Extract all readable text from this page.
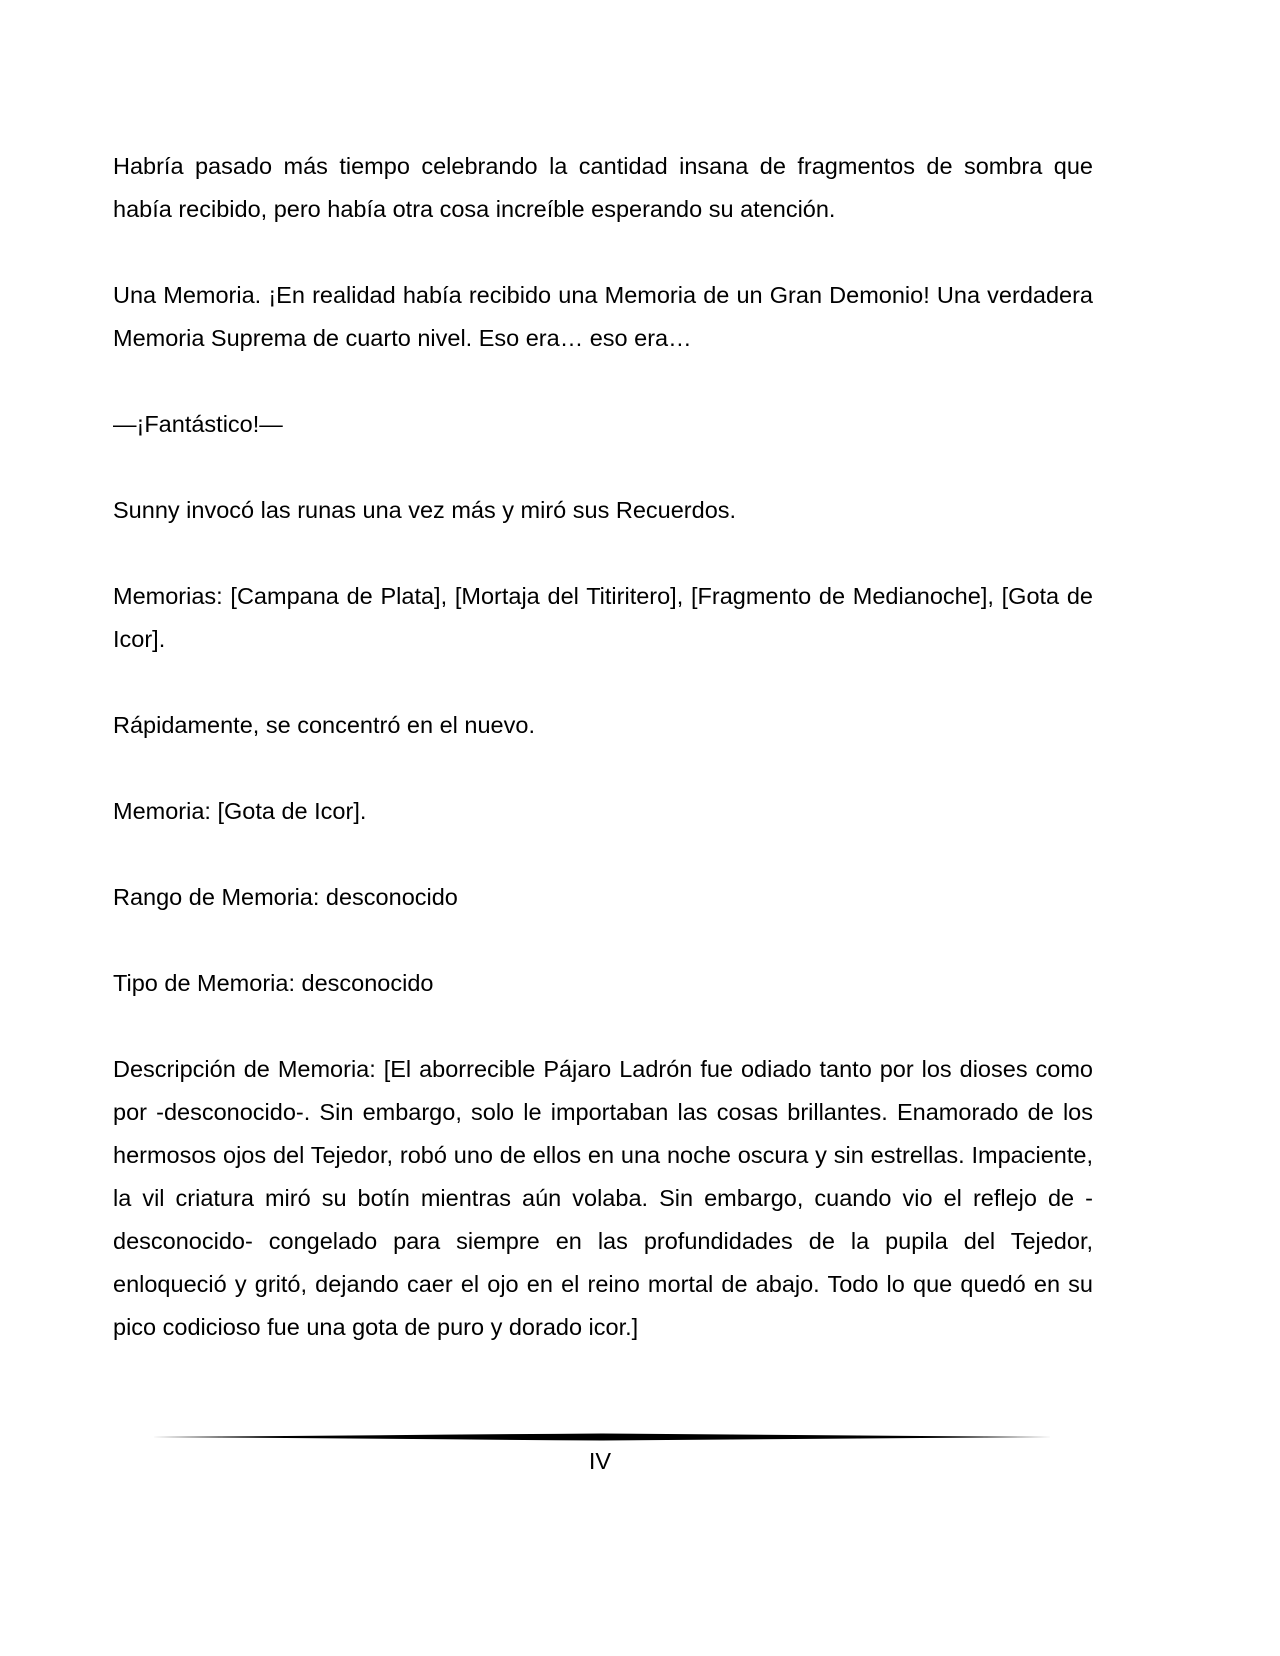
Habría pasado más tiempo celebrando la cantidad insana de fragmentos de sombra que había recibido, pero había otra cosa increíble esperando su atención.

Una Memoria. ¡En realidad había recibido una Memoria de un Gran Demonio! Una verdadera Memoria Suprema de cuarto nivel. Eso era… eso era…

—¡Fantástico!—

Sunny invocó las runas una vez más y miró sus Recuerdos.

Memorias: [Campana de Plata], [Mortaja del Titiritero], [Fragmento de Medianoche], [Gota de Icor].

Rápidamente, se concentró en el nuevo.

Memoria: [Gota de Icor].

Rango de Memoria: desconocido

Tipo de Memoria: desconocido

Descripción de Memoria: [El aborrecible Pájaro Ladrón fue odiado tanto por los dioses como por -desconocido-. Sin embargo, solo le importaban las cosas brillantes. Enamorado de los hermosos ojos del Tejedor, robó uno de ellos en una noche oscura y sin estrellas. Impaciente, la vil criatura miró su botín mientras aún volaba. Sin embargo, cuando vio el reflejo de -desconocido- congelado para siempre en las profundidades de la pupila del Tejedor, enloqueció y gritó, dejando caer el ojo en el reino mortal de abajo. Todo lo que quedó en su pico codicioso fue una gota de puro y dorado icor.]

IV
